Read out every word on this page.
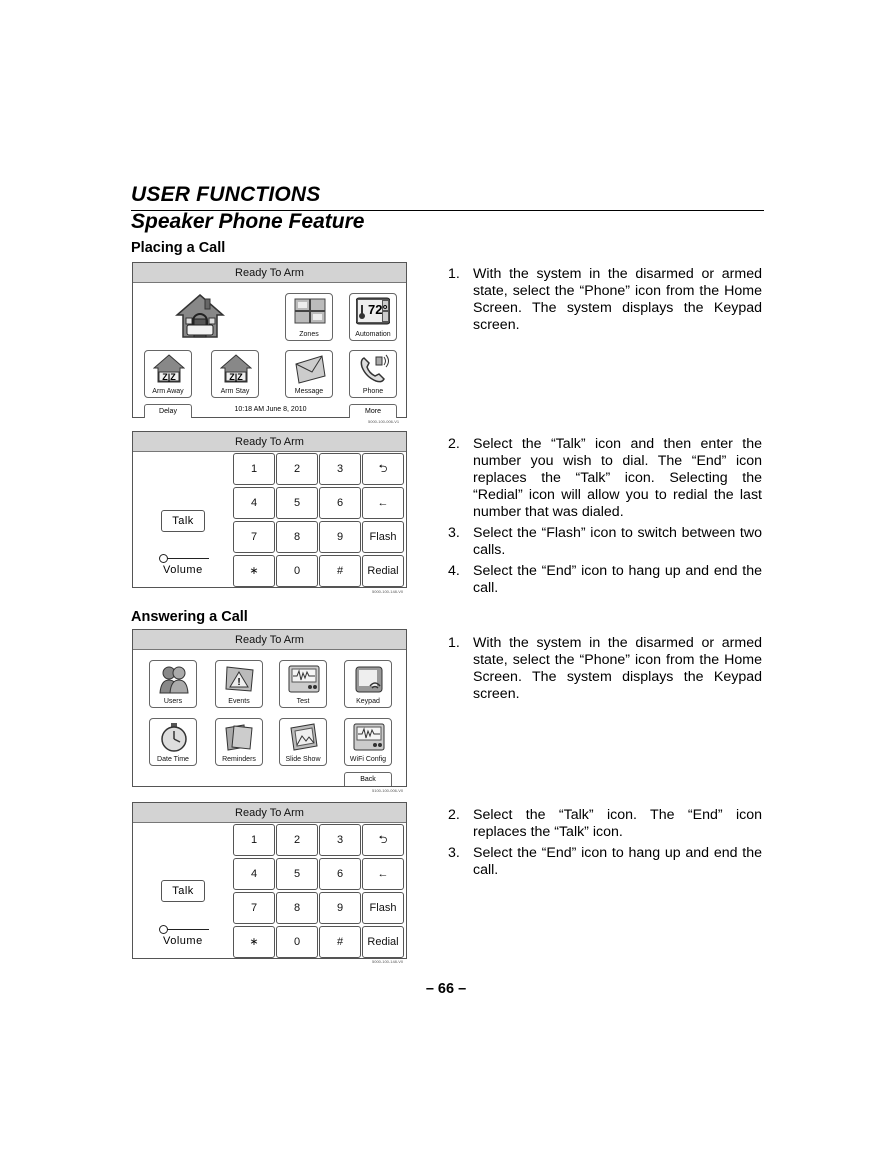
USER FUNCTIONS
Speaker Phone Feature
Placing a Call
Ready To Arm
Zones
72°
Automation
Z|Z
Arm Away
Z|Z
Arm Stay	Message	Phone
Delay	10:18 AM June 8, 2010	More
5000-100-006-V1
Ready To Arm
Talk
Volume
1	2	3	⮌
4	5	6	←
7	8	9	Flash
∗	0	#	Redial
5000-100-148-V0
1. With the system in the disarmed or armed state, select the “Phone” icon from the Home Screen. The system displays the Keypad screen.
2. Select the “Talk” icon and then enter the number you wish to dial. The “End” icon replaces the “Talk” icon. Selecting the “Redial” icon will allow you to redial the last number that was dialed.
3. Select the “Flash” icon to switch between two calls.
4. Select the “End” icon to hang up and end the call.
Answering a Call
Ready To Arm
Users
!
Events	Test	Keypad
Date Time	Reminders	Slide Show	WiFi Config
Back
5100-100-006-V0
Ready To Arm
Talk
Volume
1	2	3	⮌
4	5	6	←
7	8	9	Flash
∗	0	#	Redial
5000-100-148-V0
1. With the system in the disarmed or armed state, select the “Phone” icon from the Home Screen. The system displays the Keypad screen.
2. Select the “Talk” icon. The “End” icon replaces the “Talk” icon.
3. Select the “End” icon to hang up and end the call.
– 66 –
